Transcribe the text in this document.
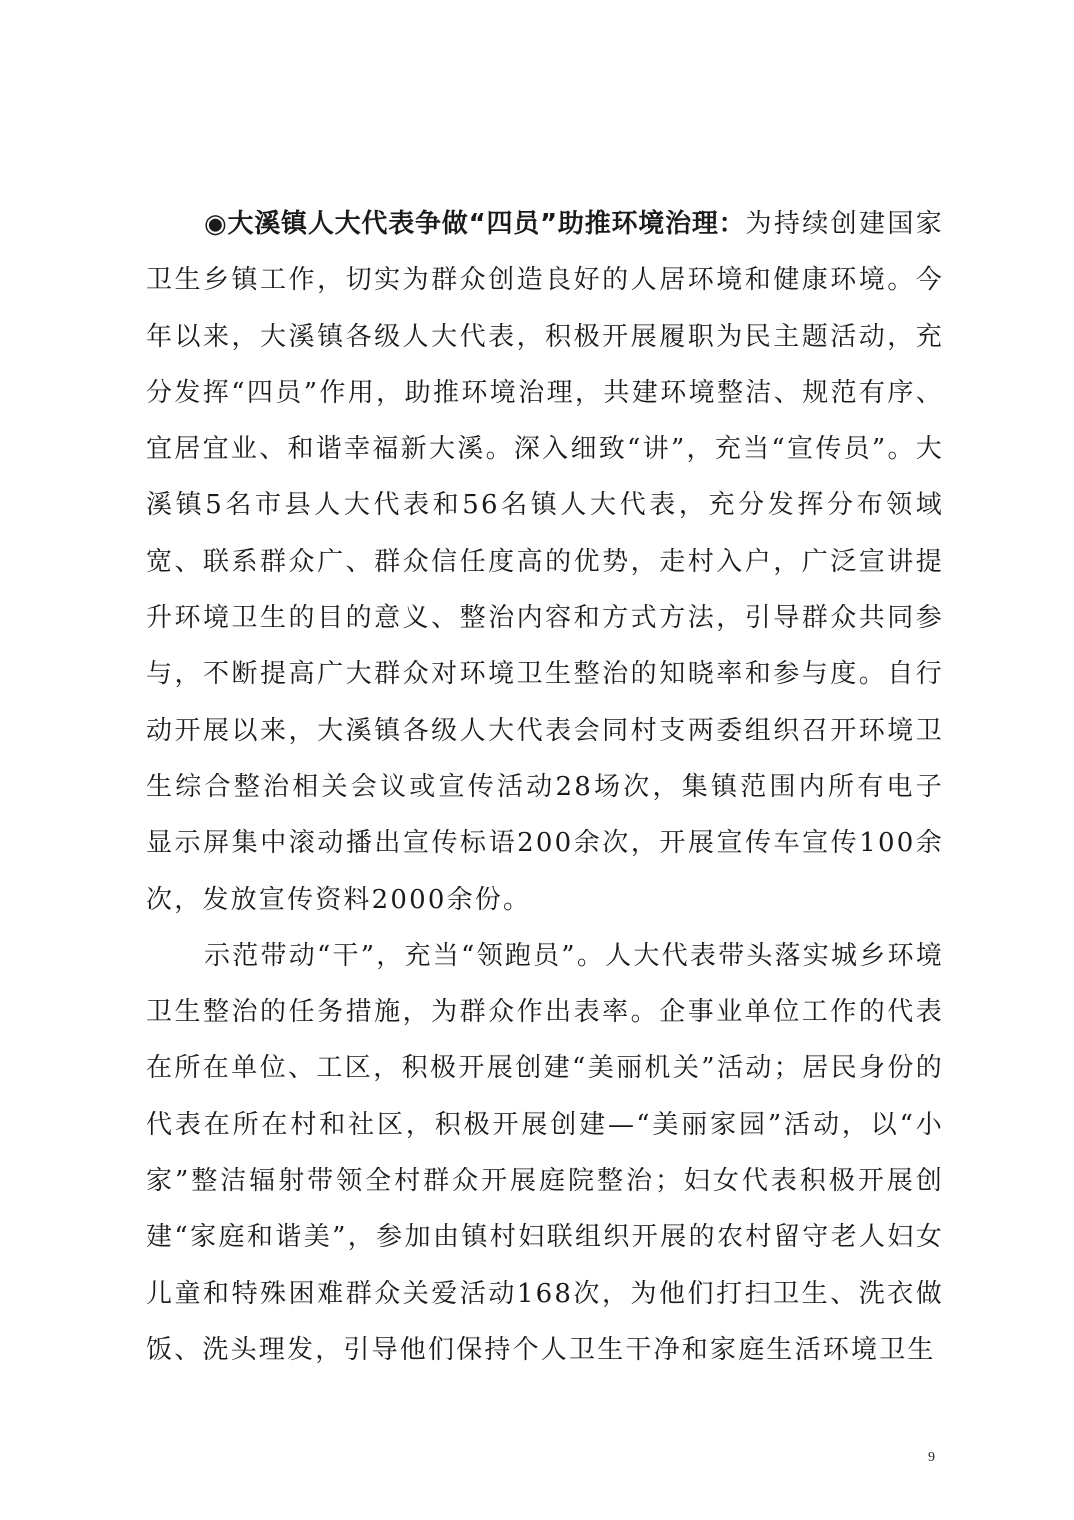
◉大溪镇人大代表争做“四员”助推环境治理：为持续创建国家卫生乡镇工作，切实为群众创造良好的人居环境和健康环境。今年以来，大溪镇各级人大代表，积极开展履职为民主题活动，充分发挥“四员”作用，助推环境治理，共建环境整洁、规范有序、宜居宜业、和谐幸福新大溪。深入细致“讲”，充当“宣传员”。大溪镇5名市县人大代表和56名镇人大代表，充分发挥分布领域宽、联系群众广、群众信任度高的优势，走村入户，广泛宣讲提升环境卫生的目的意义、整治内容和方式方法，引导群众共同参与，不断提高广大群众对环境卫生整治的知晓率和参与度。自行动开展以来，大溪镇各级人大代表会同村支两委组织召开环境卫生综合整治相关会议或宣传活动28场次，集镇范围内所有电子显示屏集中滚动播出宣传标语200余次，开展宣传车宣传100余次，发放宣传资料2000余份。

示范带动“干”，充当“领跑员”。人大代表带头落实城乡环境卫生整治的任务措施，为群众作出表率。企事业单位工作的代表在所在单位、工区，积极开展创建“美丽机关”活动；居民身份的代表在所在村和社区，积极开展创建—“美丽家园”活动，以“小家”整洁辐射带领全村群众开展庭院整治；妇女代表积极开展创建“家庭和谐美”，参加由镇村妇联组织开展的农村留守老人妇女儿童和特殊困难群众关爱活动168次，为他们打扫卫生、洗衣做饭、洗头理发，引导他们保持个人卫生干净和家庭生活环境卫生

9
